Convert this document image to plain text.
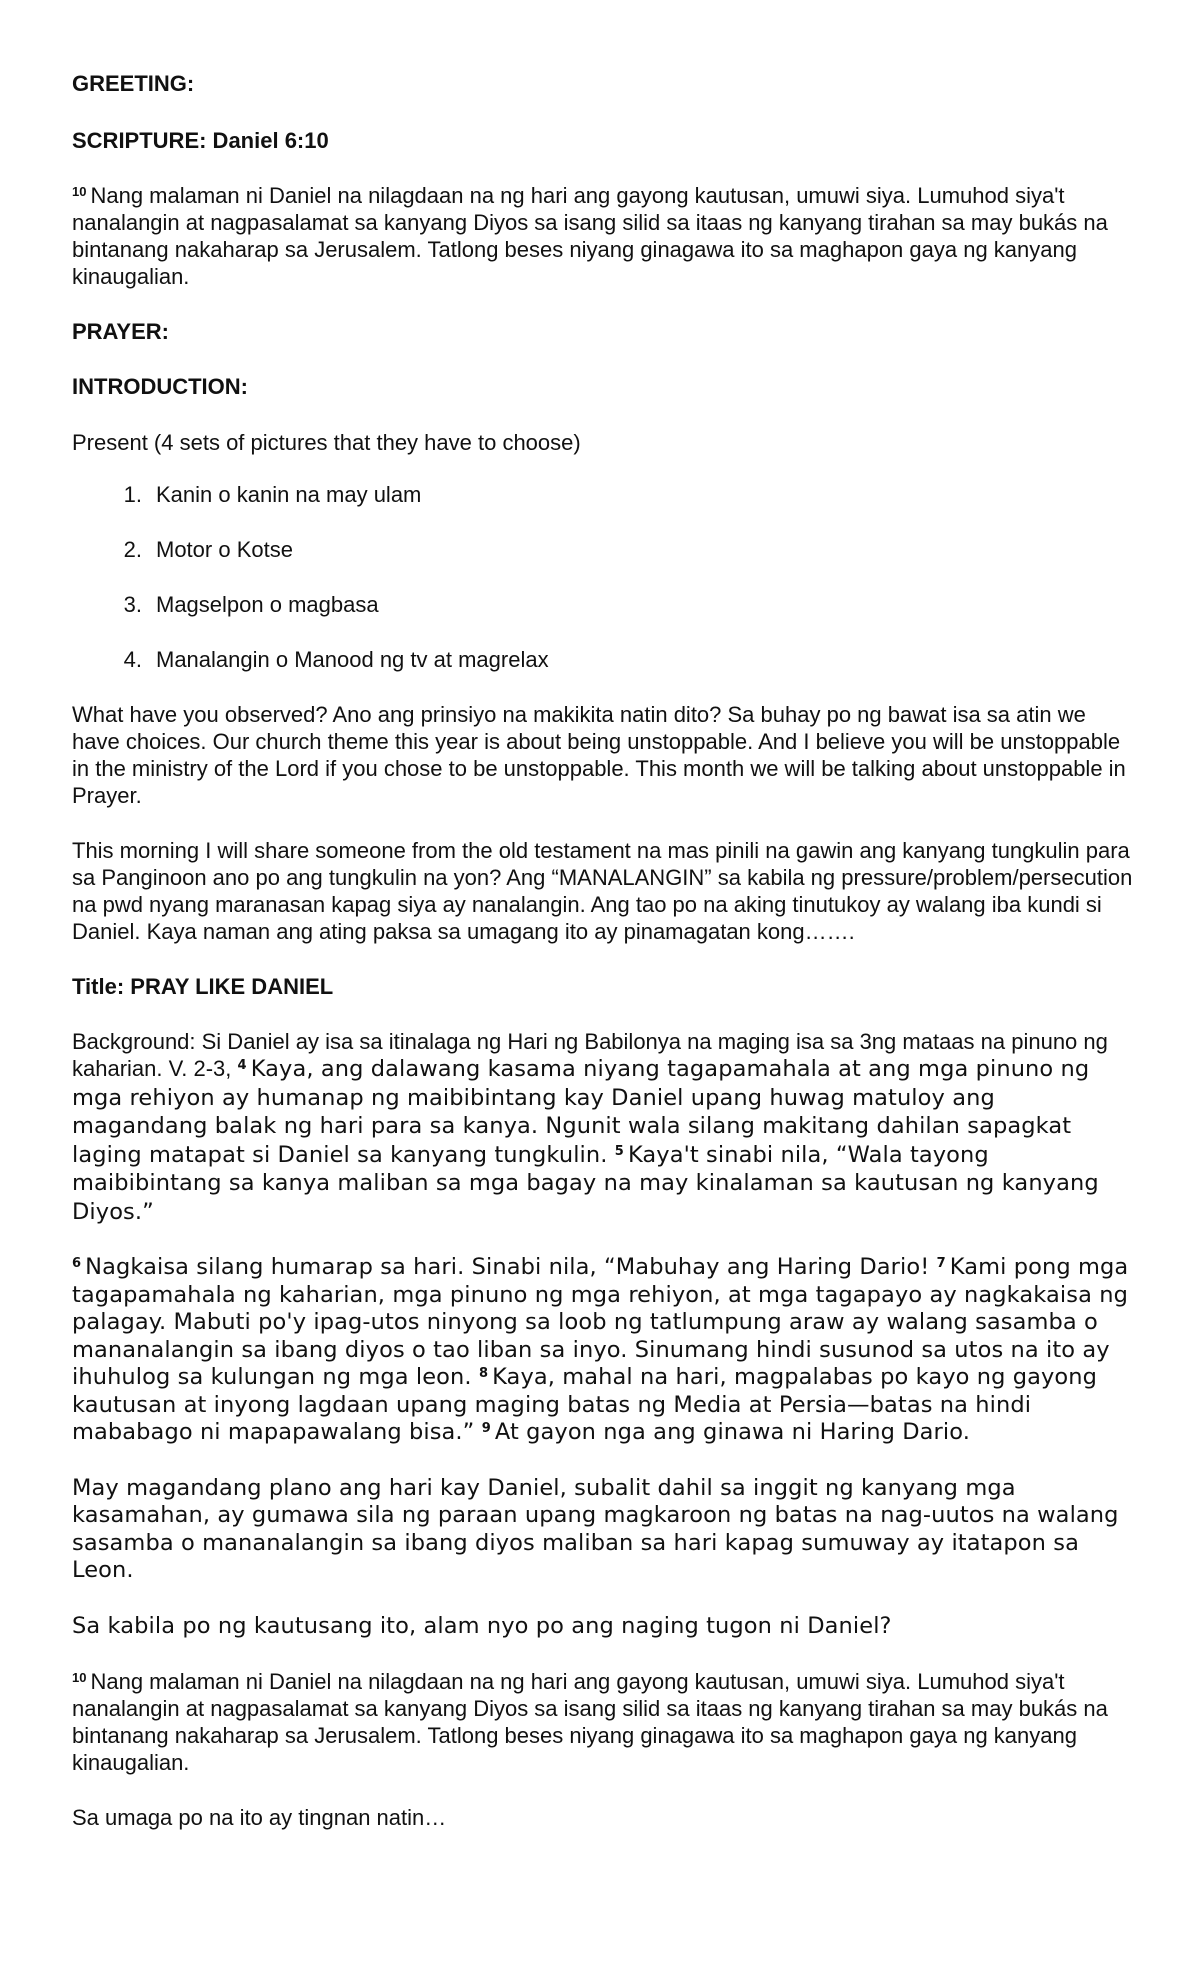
GREETING:

SCRIPTURE: Daniel 6:10

$^{10}$ Nang malaman ni Daniel na nilagdaan na ng hari ang gayong kautusan, umuwi siya. Lumuhod siya't nanalangin at nagpasalamat sa kanyang Diyos sa isang silid sa itaas ng kanyang tirahan sa may bukás na bintanang nakaharap sa Jerusalem. Tatlong beses niyang ginagawa ito sa maghapon gaya ng kanyang kinaugalian.

PRAYER:

INTRODUCTION:

Present (4 sets of pictures that they have to choose)

1. Kanin o kanin na may ulam
2. Motor o Kotse
3. Magselpon o magbasa
4. Manalangin o Manood ng tv at magrelax

What have you observed? Ano ang prinsiyo na makikita natin dito? Sa buhay po ng bawat isa sa atin we have choices. Our church theme this year is about being unstoppable. And I believe you will be unstoppable in the ministry of the Lord if you chose to be unstoppable. This month we will be talking about unstoppable in Prayer.

This morning I will share someone from the old testament na mas pinili na gawin ang kanyang tungkulin para sa Panginoon ano po ang tungkulin na yon? Ang “MANALANGIN” sa kabila ng pressure/problem/persecution na pwd nyang maranasan kapag siya ay nanalangin. Ang tao po na aking tinutukoy ay walang iba kundi si Daniel. Kaya naman ang ating paksa sa umagang ito ay pinamagatan kong…….

Title: PRAY LIKE DANIEL

Background: Si Daniel ay isa sa itinalaga ng Hari ng Babilonya na maging isa sa 3ng mataas na pinuno ng kaharian. V. 2-3, $^4$ Kaya, ang dalawang kasama niyang tagapamahala at ang mga pinuno ng mga rehiyon ay humanap ng maibibintang kay Daniel upang huwag matuloy ang magandang balak ng hari para sa kanya. Ngunit wala silang makitang dahilan sapagkat laging matapat si Daniel sa kanyang tungkulin. $^5$ Kaya't sinabi nila, “Wala tayong maibibintang sa kanya maliban sa mga bagay na may kinalaman sa kautusan ng kanyang Diyos.”

$^6$ Nagkaisa silang humarap sa hari. Sinabi nila, “Mabuhay ang Haring Dario! $^7$ Kami pong mga tagapamahala ng kaharian, mga pinuno ng mga rehiyon, at mga tagapayo ay nagkakaisa ng palagay. Mabuti po'y ipag-utos ninyong sa loob ng tatlumpung araw ay walang sasamba o mananalangin sa ibang diyos o tao liban sa inyo. Sinumang hindi susunod sa utos na ito ay ihuhulog sa kulungan ng mga leon. $^8$ Kaya, mahal na hari, magpalabas po kayo ng gayong kautusan at inyong lagdaan upang maging batas ng Media at Persia—batas na hindi mababago ni mapapawalang bisa.” $^9$ At gayon nga ang ginawa ni Haring Dario.

May magandang plano ang hari kay Daniel, subalit dahil sa inggit ng kanyang mga kasamahan, ay gumawa sila ng paraan upang magkaroon ng batas na nag-uutos na walang sasamba o mananalangin sa ibang diyos maliban sa hari kapag sumuway ay itatapon sa Leon.

Sa kabila po ng kautusang ito, alam nyo po ang naging tugon ni Daniel?

$^{10}$ Nang malaman ni Daniel na nilagdaan na ng hari ang gayong kautusan, umuwi siya. Lumuhod siya't nanalangin at nagpasalamat sa kanyang Diyos sa isang silid sa itaas ng kanyang tirahan sa may bukás na bintanang nakaharap sa Jerusalem. Tatlong beses niyang ginagawa ito sa maghapon gaya ng kanyang kinaugalian.

Sa umaga po na ito ay tingnan natin…
